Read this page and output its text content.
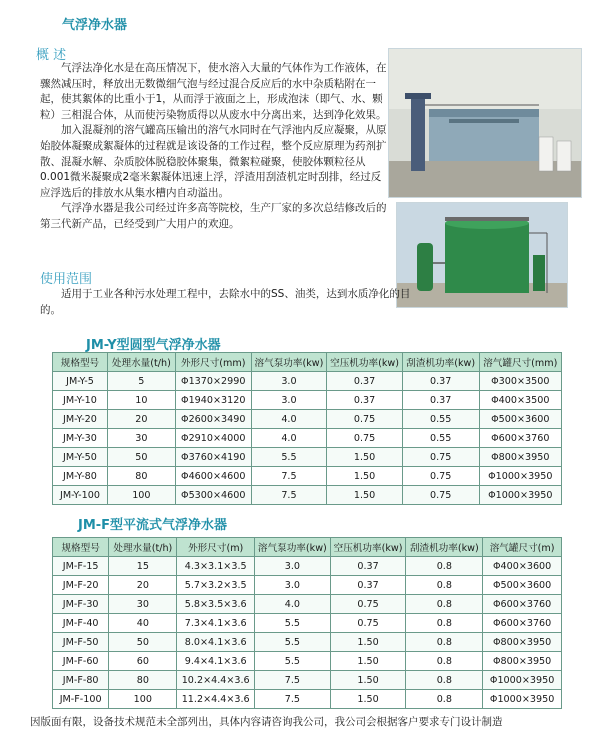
气浮净水器
概 述

气浮法净化水是在高压情况下，使水溶入大量的气体作为工作液体，在骤然减压时，释放出无数微细气泡与经过混合反应后的水中杂质粘附在一起，使其絮体的比重小于1，从而浮于液面之上，形成泡沫（即气、水、颗粒）三相混合体，从而使污染物质得以从废水中分离出来，达到净化效果。

加入混凝剂的溶气罐高压输出的溶气水同时在气浮池内反应凝聚，从原始胶体凝聚成絮凝体的过程就是该设备的工作过程，整个反应原理为药剂扩散、混凝水解、杂质胶体脱稳胶体聚集，微絮粒碰聚，使胶体颗粒径从0.001微米凝聚成2毫米絮凝体迅速上浮，浮渣用刮渣机定时刮排，经过反应浮选后的排放水从集水槽内自动溢出。

气浮净水器是我公司经过许多高等院校，生产厂家的多次总结修改后的第三代新产品，已经受到广大用户的欢迎。

使用范围

适用于工业各种污水处理工程中，去除水中的SS、油类，达到水质净化的目的。

JM-Y型圆型气浮净水器
规格型号	处理水量(t/h)	外形尺寸(mm)	溶气泵功率(kw)	空压机功率(kw)	刮渣机功率(kw)	溶气罐尺寸(mm)
JM-Y-5	5	Φ1370×2990	3.0	0.37	0.37	Φ300×3500
JM-Y-10	10	Φ1940×3120	3.0	0.37	0.37	Φ400×3500
JM-Y-20	20	Φ2600×3490	4.0	0.75	0.55	Φ500×3600
JM-Y-30	30	Φ2910×4000	4.0	0.75	0.55	Φ600×3760
JM-Y-50	50	Φ3760×4190	5.5	1.50	0.75	Φ800×3950
JM-Y-80	80	Φ4600×4600	7.5	1.50	0.75	Φ1000×3950
JM-Y-100	100	Φ5300×4600	7.5	1.50	0.75	Φ1000×3950
JM-F型平流式气浮净水器
规格型号	处理水量(t/h)	外形尺寸(m)	溶气泵功率(kw)	空压机功率(kw)	刮渣机功率(kw)	溶气罐尺寸(m)
JM-F-15	15	4.3×3.1×3.5	3.0	0.37	0.8	Φ400×3600
JM-F-20	20	5.7×3.2×3.5	3.0	0.37	0.8	Φ500×3600
JM-F-30	30	5.8×3.5×3.6	4.0	0.75	0.8	Φ600×3760
JM-F-40	40	7.3×4.1×3.6	5.5	0.75	0.8	Φ600×3760
JM-F-50	50	8.0×4.1×3.6	5.5	1.50	0.8	Φ800×3950
JM-F-60	60	9.4×4.1×3.6	5.5	1.50	0.8	Φ800×3950
JM-F-80	80	10.2×4.4×3.6	7.5	1.50	0.8	Φ1000×3950
JM-F-100	100	11.2×4.4×3.6	7.5	1.50	0.8	Φ1000×3950
因版面有限，设备技术规范未全部列出，具体内容请咨询我公司，我公司会根据客户要求专门设计制造
